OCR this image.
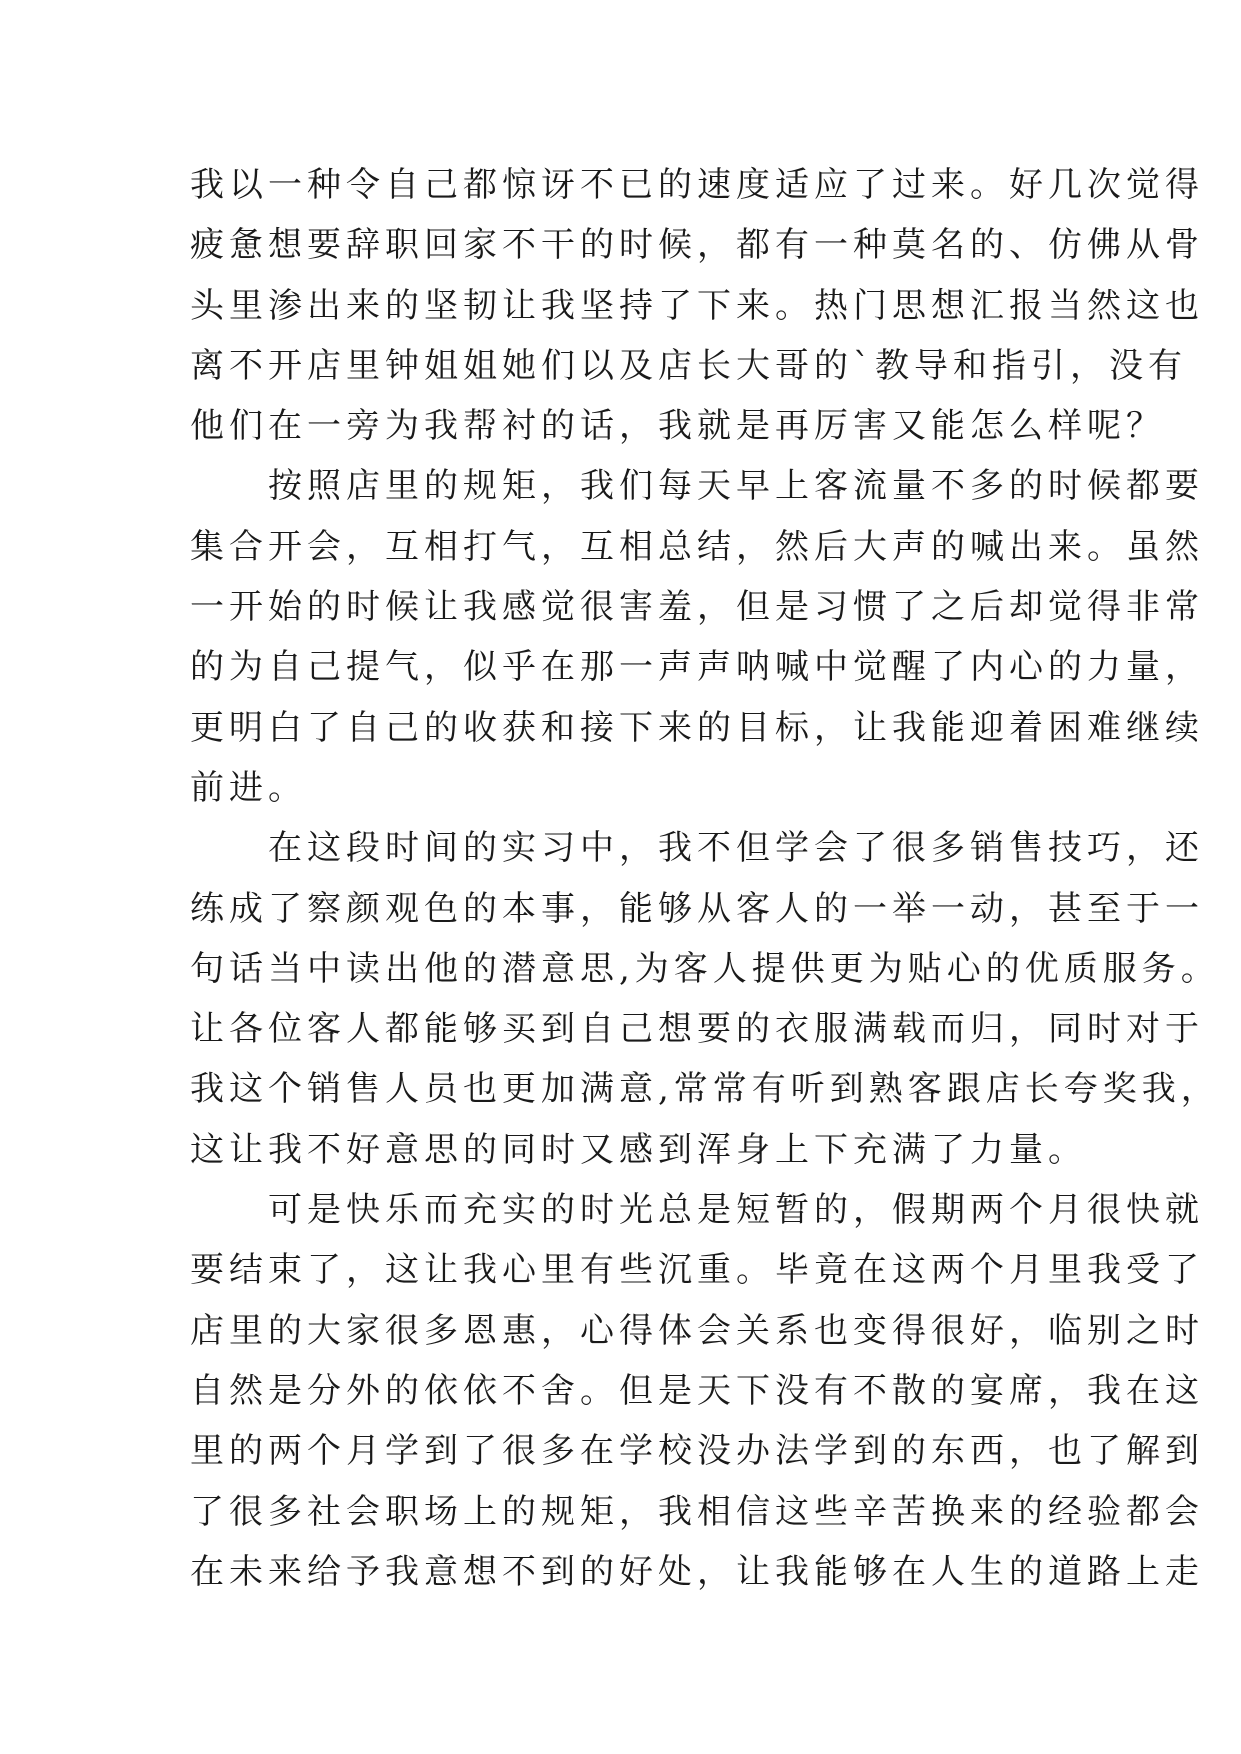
我以一种令自己都惊讶不已的速度适应了过来。好几次觉得
疲惫想要辞职回家不干的时候，都有一种莫名的、仿佛从骨
头里渗出来的坚韧让我坚持了下来。热门思想汇报当然这也
离不开店里钟姐姐她们以及店长大哥的`教导和指引，没有
他们在一旁为我帮衬的话，我就是再厉害又能怎么样呢？
　　按照店里的规矩，我们每天早上客流量不多的时候都要
集合开会，互相打气，互相总结，然后大声的喊出来。虽然
一开始的时候让我感觉很害羞，但是习惯了之后却觉得非常
的为自己提气，似乎在那一声声呐喊中觉醒了内心的力量，
更明白了自己的收获和接下来的目标，让我能迎着困难继续
前进。
　　在这段时间的实习中，我不但学会了很多销售技巧，还
练成了察颜观色的本事，能够从客人的一举一动，甚至于一
句话当中读出他的潜意思,为客人提供更为贴心的优质服务。
让各位客人都能够买到自己想要的衣服满载而归，同时对于
我这个销售人员也更加满意,常常有听到熟客跟店长夸奖我，
这让我不好意思的同时又感到浑身上下充满了力量。
　　可是快乐而充实的时光总是短暂的，假期两个月很快就
要结束了，这让我心里有些沉重。毕竟在这两个月里我受了
店里的大家很多恩惠，心得体会关系也变得很好，临别之时
自然是分外的依依不舍。但是天下没有不散的宴席，我在这
里的两个月学到了很多在学校没办法学到的东西，也了解到
了很多社会职场上的规矩，我相信这些辛苦换来的经验都会
在未来给予我意想不到的好处，让我能够在人生的道路上走
